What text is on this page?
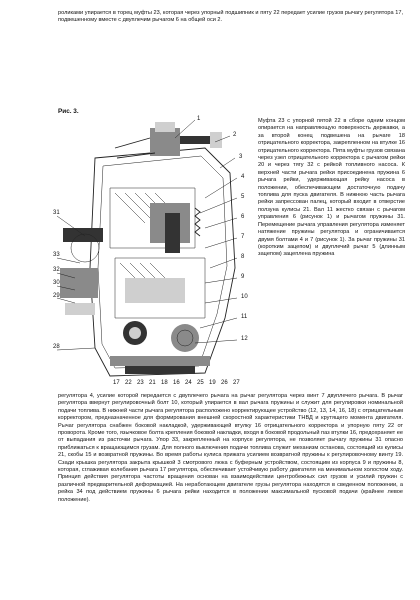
роликами упирается в торец муфты 23, которая через упорный подшипник и пяту 22 передает усилие грузов рычагу регулятора 17, подвешенному вместе с двуплечим рычагом 6 на общей оси 2.

Рис. 3.
1
2
3
4
5
6
7
8
9
10
11
12
31
33
32
30
29
28
17 22 23 21 18 16 24 25 19 26 27

Муфта 23 с упорной пятой 22 в сборе одним концом опирается на направляющую поверхность державки, а за второй конец подвешена на рычаге 18 отрицательного корректора, закрепленном на втулке 16 отрицательного корректора. Пята муфты грузов связана через узел отрицательного корректора с рычагом рейки 20 и через тягу 32 с рейкой топливного насоса. К верхней части рычага рейки присоединена пружина 6 рычага рейки, удерживающая рейку насоса в положении, обеспечивающем достаточную подачу топлива для пуска двигателя. В нижнюю часть рычага рейки запрессован палец, который входит в отверстие ползуна кулисы 21. Вал 11 жестко связан с рычагом управления 6 (рисунок 1) и рычагом пружины 31. Перемещение рычага управления регулятора изменяет натяжение пружины регулятора и ограничивается двумя болтами 4 и 7 (рисунок 1). За рычаг пружины 31 (коротким зацепом) и двуплечий рычаг 5 (длинным зацепом) зацеплена пружина

регулятора 4, усилие которой передается с двуплечего рычага на рычаг регулятора через винт 7 двуплечего рычага. В рычаг регулятора ввернут регулировочный болт 10, который упирается в вал рычага пружины и служит для регулировки номинальной подачи топлива. В нижней части рычага регулятора расположено корректирующее устройство (12, 13, 14, 16, 18) с отрицательным корректором, предназначенное для формирования внешней скоростной характеристики ТНВД и крутящего момента двигателя. Рычаг регулятора снабжен боковой накладкой, удерживающей втулку 16 отрицательного корректора и упорную пяту 22 от проворота. Кроме того, язычковое болта крепления боковой накладки, входя в боковой продольный паз втулки 16, предохраняет ее от выпадания из расточки рычага. Упор 33, закрепленный на корпусе регулятора, не позволяет рычагу пружины 31 опасно приближаться к вращающимся грузам. Для полного выключения подачи топлива служит механизм останова, состоящий из кулисы 21, скобы 15 и возвратной пружины. Во время работы кулиса прижата усилием возвратной пружины к регулировочному винту 19. Сзади крышка регулятора закрыта крышкой 3 смотрового люка с буферным устройством, состоящим из корпуса 9 и пружины 8, которая, сглаживая колебания рычага 17 регулятора, обеспечивает устойчивую работу двигателя на минимальном холостом ходу. Принцип действия регулятора частоты вращения основан на взаимодействии центробежных сил грузов и усилий пружин с различной предварительной деформацией. На неработающем двигателе грузы регулятора находятся в сведенном положении, а рейка 34 под действием пружины 6 рычага рейки находится в положении максимальной пусковой подачи (крайнее левое положение).
